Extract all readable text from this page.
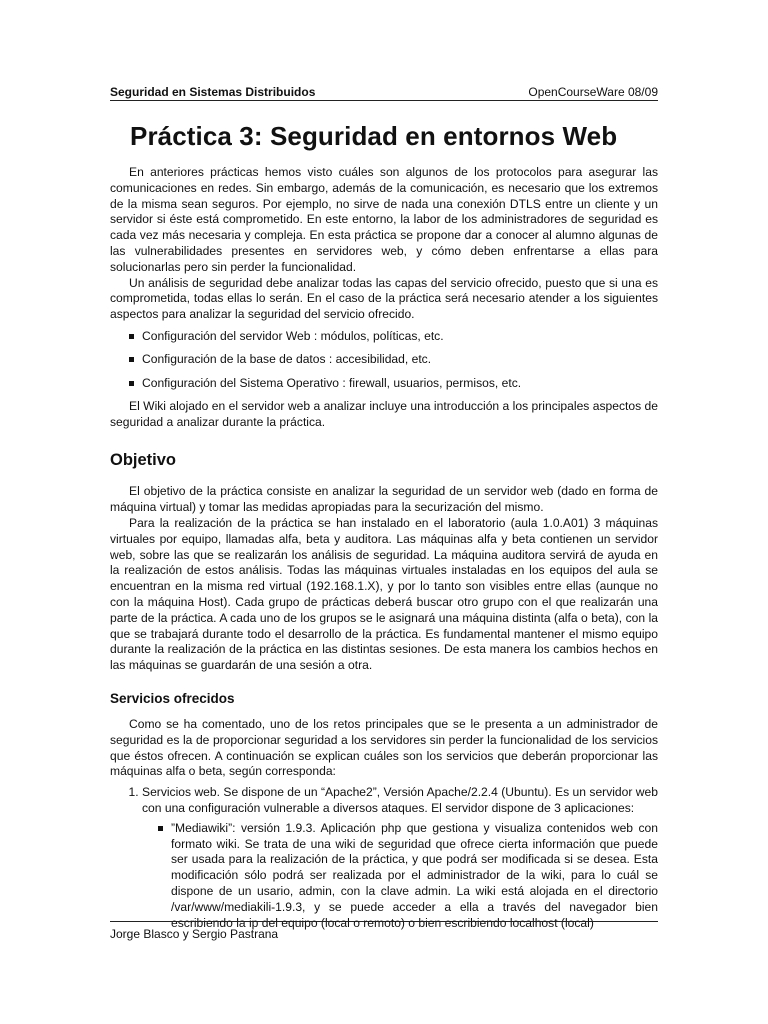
Seguridad en Sistemas Distribuidos	OpenCourseWare 08/09
Práctica 3: Seguridad en entornos Web

En anteriores prácticas hemos visto cuáles son algunos de los protocolos para asegurar las comunicaciones en redes. Sin embargo, además de la comunicación, es necesario que los extremos de la misma sean seguros. Por ejemplo, no sirve de nada una conexión DTLS entre un cliente y un servidor si éste está comprometido. En este entorno, la labor de los administradores de seguridad es cada vez más necesaria y compleja. En esta práctica se propone dar a conocer al alumno algunas de las vulnerabilidades presentes en servidores web, y cómo deben enfrentarse a ellas para solucionarlas pero sin perder la funcionalidad.

Un análisis de seguridad debe analizar todas las capas del servicio ofrecido, puesto que si una es comprometida, todas ellas lo serán. En el caso de la práctica será necesario atender a los siguientes aspectos para analizar la seguridad del servicio ofrecido.

Configuración del servidor Web : módulos, políticas, etc.
Configuración de la base de datos : accesibilidad, etc.
Configuración del Sistema Operativo : firewall, usuarios, permisos, etc.

El Wiki alojado en el servidor web a analizar incluye una introducción a los principales aspectos de seguridad a analizar durante la práctica.

Objetivo

El objetivo de la práctica consiste en analizar la seguridad de un servidor web (dado en forma de máquina virtual) y tomar las medidas apropiadas para la securización del mismo.

Para la realización de la práctica se han instalado en el laboratorio (aula 1.0.A01) 3 máquinas virtuales por equipo, llamadas alfa, beta y auditora. Las máquinas alfa y beta contienen un servidor web, sobre las que se realizarán los análisis de seguridad. La máquina auditora servirá de ayuda en la realización de estos análisis. Todas las máquinas virtuales instaladas en los equipos del aula se encuentran en la misma red virtual (192.168.1.X), y por lo tanto son visibles entre ellas (aunque no con la máquina Host). Cada grupo de prácticas deberá buscar otro grupo con el que realizarán una parte de la práctica. A cada uno de los grupos se le asignará una máquina distinta (alfa o beta), con la que se trabajará durante todo el desarrollo de la práctica. Es fundamental mantener el mismo equipo durante la realización de la práctica en las distintas sesiones. De esta manera los cambios hechos en las máquinas se guardarán de una sesión a otra.

Servicios ofrecidos

Como se ha comentado, uno de los retos principales que se le presenta a un administrador de seguridad es la de proporcionar seguridad a los servidores sin perder la funcionalidad de los servicios que éstos ofrecen. A continuación se explican cuáles son los servicios que deberán proporcionar las máquinas alfa o beta, según corresponda:

1. Servicios web. Se dispone de un “Apache2”, Versión Apache/2.2.4 (Ubuntu). Es un servidor web con una configuración vulnerable a diversos ataques. El servidor dispone de 3 aplicaciones:
”Mediawiki”: versión 1.9.3. Aplicación php que gestiona y visualiza contenidos web con formato wiki. Se trata de una wiki de seguridad que ofrece cierta información que puede ser usada para la realización de la práctica, y que podrá ser modificada si se desea. Esta modificación sólo podrá ser realizada por el administrador de la wiki, para lo cuál se dispone de un usario, admin, con la clave admin. La wiki está alojada en el directorio /var/www/mediakili-1.9.3, y se puede acceder a ella a través del navegador bien escribiendo la ip del equipo (local o remoto) o bien escribiendo localhost (local)
Jorge Blasco y Sergio Pastrana
